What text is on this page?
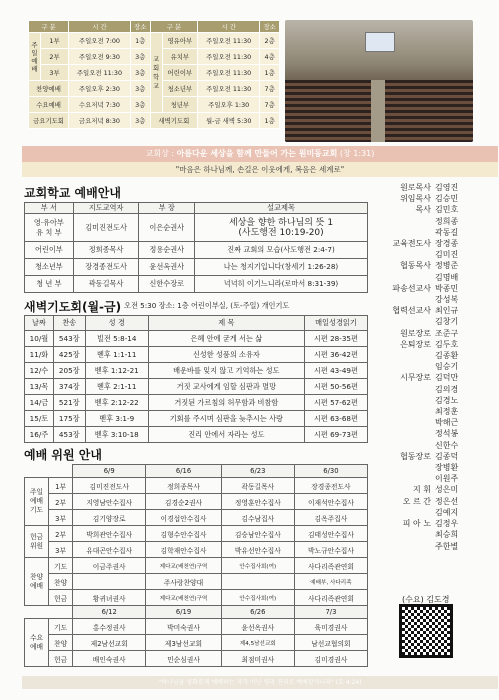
구 분		시 간	장소	구 분		시 간	장소
주일예배	1부	주일오전 7:00	1층	교회학교	영유아부	주일오전 11:30	2층
	2부	주일오전 9:30	3층		유치부	주일오전 11:30	4층
	3부	주일오전 11:30	3층		어린이부	주일오전 11:30	1층
찬양예배		주일오후 2:30	3층		청소년부	주일오전 11:30	7층
수요예배		수요저녁 7:30	3층		청년부	주일오후 1:30	7층
금요기도회		금요저녁 8:30	3층	새벽기도회		월-금 새벽 5:30	1층
교회상 : 아름다운 세상을 함께 만들어 가는 원미동교회 (창 1:31)
"마음은 하나님께, 손길은 이웃에게, 복음은 세계로"
교회학교 예배안내
부 서	지도교역자	부 장	설교제목
영·유아부
유 치 부	김미진전도사	이은순권사	세상을 향한 하나님의 뜻 1
(사도행전 10:19-20)
어린이부	정희종목사	정용순권사	진짜 교회의 모습(사도행전 2:4-7)
청소년부	장경종전도사	윤선옥권사	나는 청지기입니다(창세기 1:26-28)
청 년 부	곽동길목사	신한수장로	넉넉히 이기느니라(로마서 8:31-39)
새벽기도회(월-금) 오전 5:30 장소: 1층 어린이부실, (토-주일) 개인기도
날짜	찬송	성 경	제 목	매일성경읽기
10/월	543장	빌전 5:8-14	은혜 안에 굳게 서는 삶	시편 28-35편
11/화	425장	벧후 1:1-11	신성한 성품의 소유자	시편 36-42편
12/수	205장	벧후 1:12-21	배운바를 잊지 않고 기억하는 성도	시편 43-49편
13/목	374장	벧후 2:1-11	거짓 교사에게 임할 심판과 멸망	시편 50-56편
14/금	521장	벧후 2:12-22	거짓된 가르침의 허무함과 비참함	시편 57-62편
15/토	175장	벧후 3:1-9	기회를 주시며 심판을 늦추시는 사랑	시편 63-68편
16/주	453장	벧후 3:10-18	진리 안에서 자라는 성도	시편 69-73편
예배 위원 안내
		6/9	6/16	6/23	6/30
주일
예배
기도	1부	김미진전도사	정희종목사	곽동길목사	장경종전도사
	2부	지영남안수집사	김경순2권사	정영훈안수집사	이재석안수집사
	3부	김기양장로	이경섭안수집사	김수남집사	김옥주집사
헌금
위원	2부	박희관안수집사	김형수안수집사	김승남안수집사	김태성안수집사
	3부	유대곤안수집사	김학재안수집사	박유선안수집사	박노규안수집사
찬양
예배	기도	이금주권사	제다교(배천연)구역	안수집사회(여)	사다리족관연회
	찬양		주사랑찬양대		예배부, 사다리족
	헌금	황귀녀권사	제다교(배천연)구역	안수집사회(여)	사다리족관연회
		6/12	6/19	6/26	7/3
수요
예배	기도	홍수정권사	박미숙권사	윤선옥권사	육미경권사
	찬양	제2남선교회	제3남선교회	제4,5남선교회	남선교협의회
	헌금	배인숙권사	민순심권사	최점미권사	김미경권사
원로목사 김영진
위임목사 김승민
목사 김민호
정희종
곽동길
교육전도사 장경종
김미진
협동목사 정병준
김명배
파송선교사 박종민
강성복
협력선교사 최인규
김창기
원로장로 조준구
은퇴장로 김두호
김종환
임승기
시무장로 김덕만
김의경
김경노
최정훈
박해근
정석봉
신한수
협동장로 김종덕
장병환
이원주
지 휘 성은미
오 르 간 정은선
김예지
피 아 노 김정우
최승희
주한별
(수요) 김도경
"하나님을 영화롭게 예배하는 자가 아닌 영과 진리로 예배할지니라" (요 4:24)
